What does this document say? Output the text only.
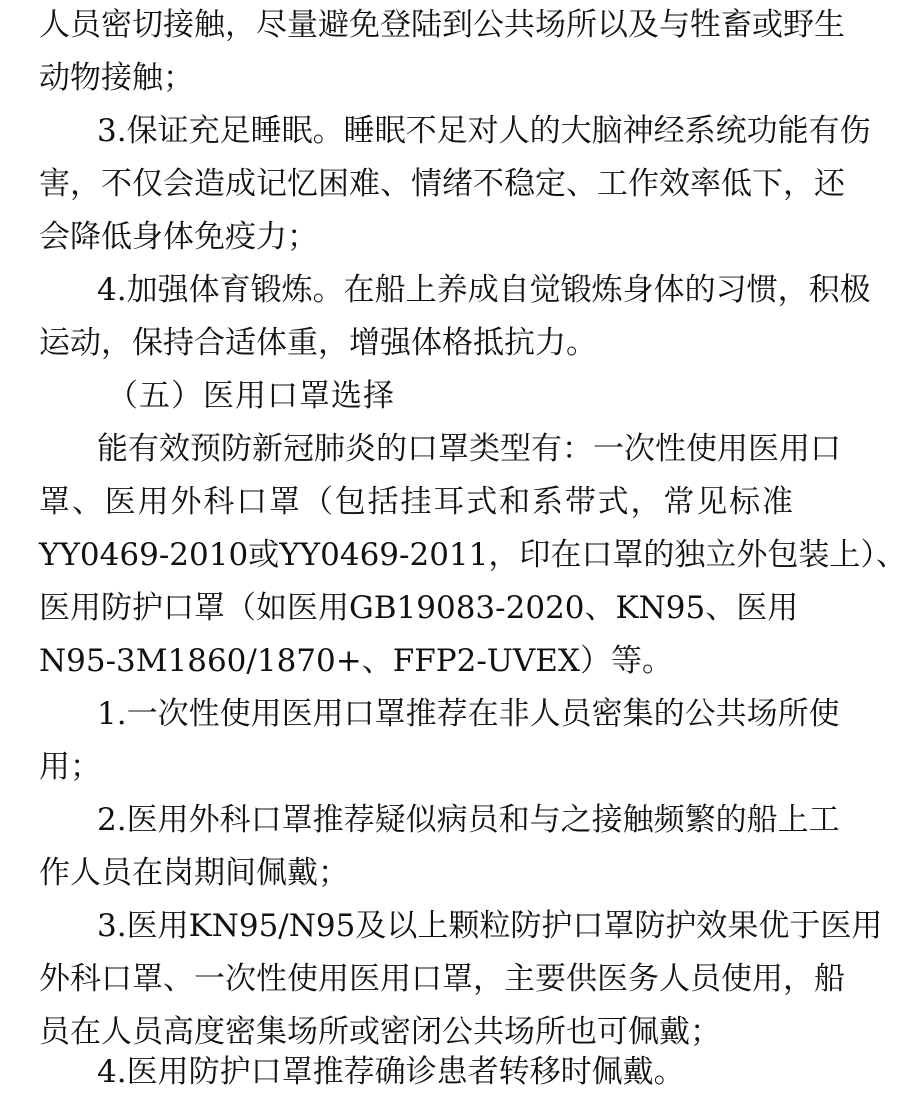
人员密切接触，尽量避免登陆到公共场所以及与牲畜或野生
动物接触；
3.保证充足睡眠。睡眠不足对人的大脑神经系统功能有伤
害，不仅会造成记忆困难、情绪不稳定、工作效率低下，还
会降低身体免疫力；
4.加强体育锻炼。在船上养成自觉锻炼身体的习惯，积极
运动，保持合适体重，增强体格抵抗力。
（五）医用口罩选择
能有效预防新冠肺炎的口罩类型有：一次性使用医用口
罩、医用外科口罩（包括挂耳式和系带式，常见标准
YY0469-2010或YY0469-2011，印在口罩的独立外包装上）、
医用防护口罩（如医用GB19083-2020、KN95、医用
N95-3M1860/1870+、FFP2-UVEX）等。
1.一次性使用医用口罩推荐在非人员密集的公共场所使
用；
2.医用外科口罩推荐疑似病员和与之接触频繁的船上工
作人员在岗期间佩戴；
3.医用KN95/N95及以上颗粒防护口罩防护效果优于医用
外科口罩、一次性使用医用口罩，主要供医务人员使用，船
员在人员高度密集场所或密闭公共场所也可佩戴；
4.医用防护口罩推荐确诊患者转移时佩戴。
